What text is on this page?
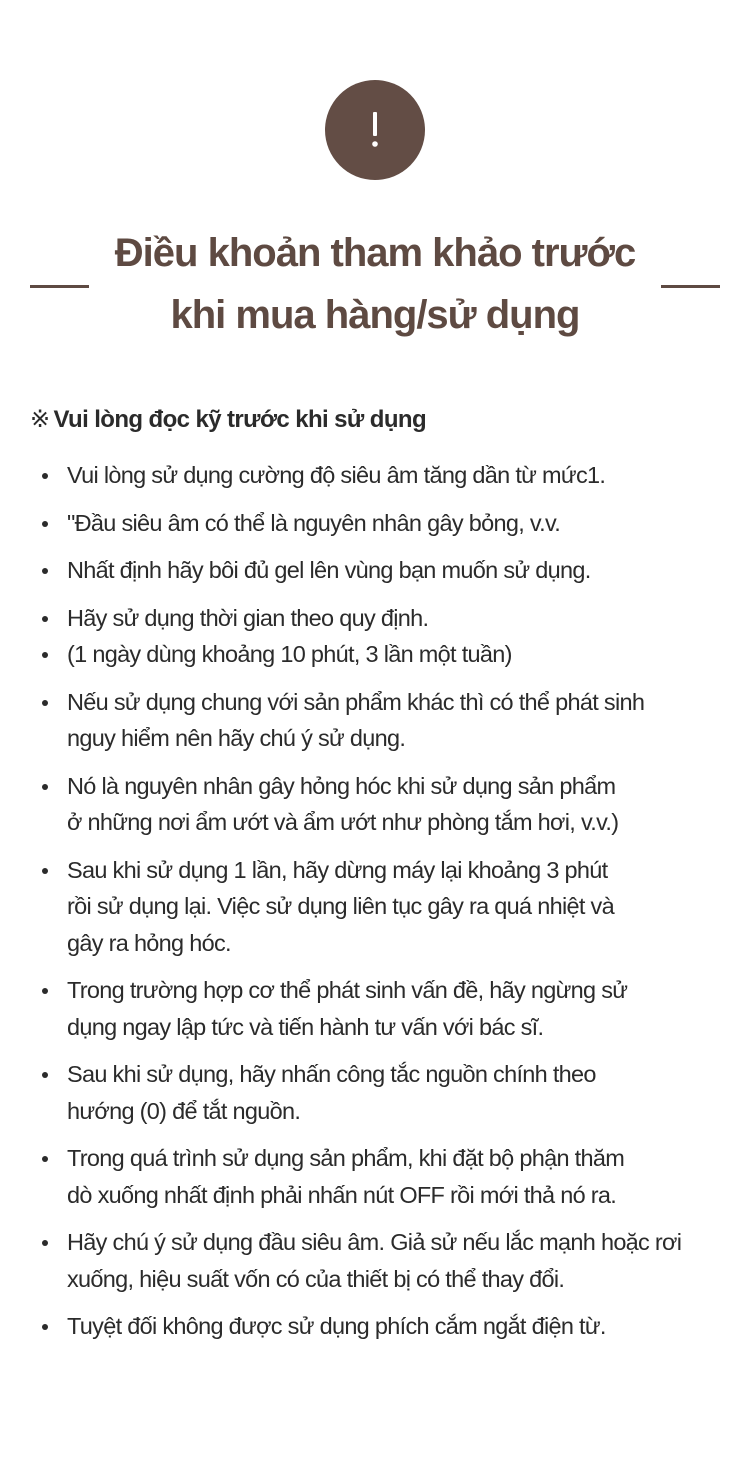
Điều khoản tham khảo trước
khi mua hàng/sử dụng
※ Vui lòng đọc kỹ trước khi sử dụng
Vui lòng sử dụng cường độ siêu âm tăng dần từ mức1.
"Đầu siêu âm có thể là nguyên nhân gây bỏng, v.v.
Nhất định hãy bôi đủ gel lên vùng bạn muốn sử dụng.
Hãy sử dụng thời gian theo quy định.
(1 ngày dùng khoảng 10 phút, 3 lần một tuần)
Nếu sử dụng chung với sản phẩm khác thì có thể phát sinh
nguy hiểm nên hãy chú ý sử dụng.
Nó là nguyên nhân gây hỏng hóc khi sử dụng sản phẩm
ở những nơi ẩm ướt và ẩm ướt như phòng tắm hơi, v.v.)
Sau khi sử dụng 1 lần, hãy dừng máy lại khoảng 3 phút
rồi sử dụng lại. Việc sử dụng liên tục gây ra quá nhiệt và
gây ra hỏng hóc.
Trong trường hợp cơ thể phát sinh vấn đề, hãy ngừng sử
dụng ngay lập tức và tiến hành tư vấn với bác sĩ.
Sau khi sử dụng, hãy nhấn công tắc nguồn chính theo
hướng (0) để tắt nguồn.
Trong quá trình sử dụng sản phẩm, khi đặt bộ phận thăm
dò xuống nhất định phải nhấn nút OFF rồi mới thả nó ra.
Hãy chú ý sử dụng đầu siêu âm. Giả sử nếu lắc mạnh hoặc rơi
xuống, hiệu suất vốn có của thiết bị có thể thay đổi.
Tuyệt đối không được sử dụng phích cắm ngắt điện từ.
